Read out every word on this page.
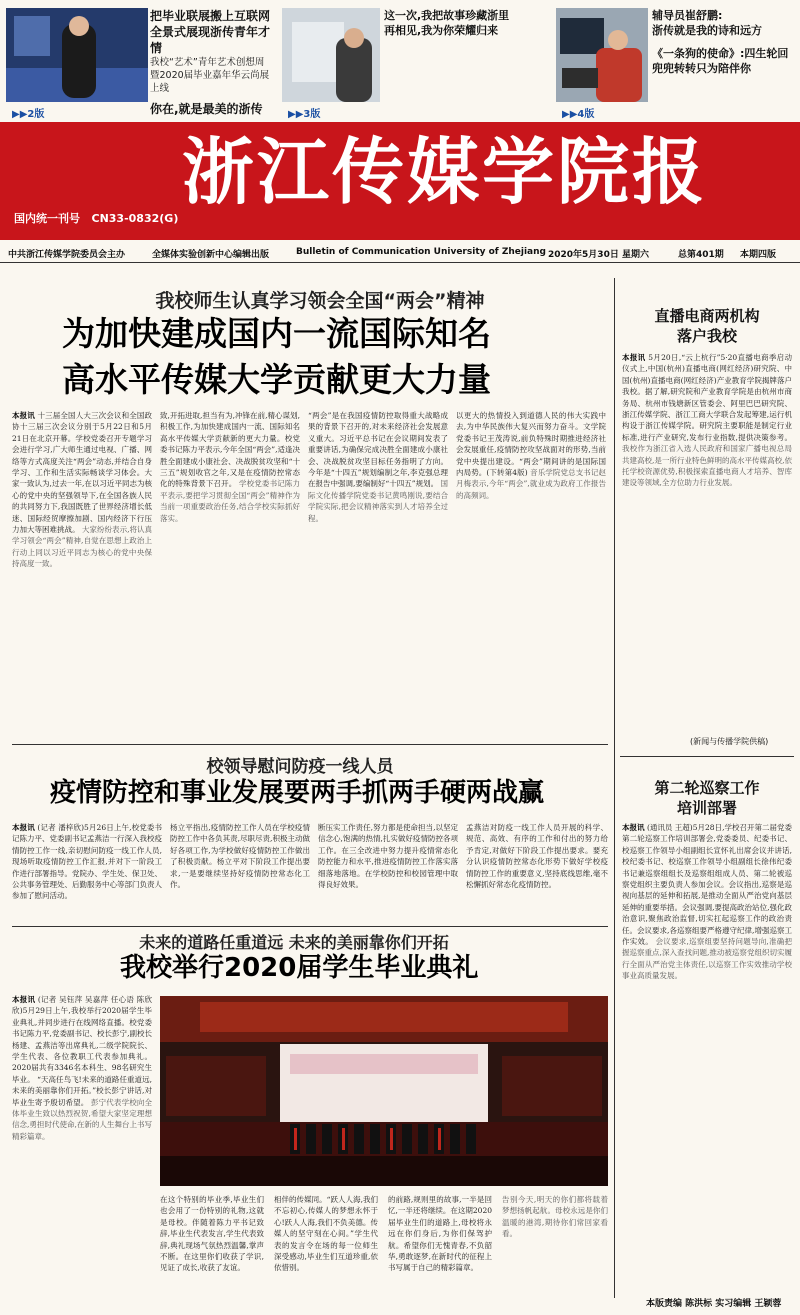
把毕业联展搬上互联网
全景式展现浙传青年才情
我校“艺术”青年艺术创想周
暨2020届毕业嘉年华云尚展上线
你在,就是最美的浙传
▶▶2版
这一次,我把故事珍藏浙里
再相见,我为你荣耀归来
▶▶3版
辅导员崔舒鹏:
浙传就是我的诗和远方
《一条狗的使命》:四生轮回
兜兜转转只为陪伴你
▶▶4版
浙江传媒学院报
国内统一刊号 CN33-0832(G)
中共浙江传媒学院委员会主办	全媒体实验创新中心编辑出版	Bulletin of Communication University of Zhejiang 2020年5月30日 星期六	总第401期 本期四版
我校师生认真学习领会全国“两会”精神
为加快建成国内一流国际知名
高水平传媒大学贡献更大力量
本报讯 十三届全国人大三次会议和全国政协十三届三次会议分别于5月22日和5月21日在北京开幕。学校党委召开专题学习会进行学习,广大师生通过电视、广播、网络等方式高度关注“两会”动态,并结合自身学习、工作和生活实际畅谈学习体会。大家一致认为,过去一年,在以习近平同志为核心的党中央的坚强领导下,在全国各族人民的共同努力下,我国既胜了世界经济增长低迷、国际经贸摩擦加剧、国内经济下行压力加大等困难挑战。 大家纷纷表示,将认真学习领会“两会”精神,自觉在思想上政治上行动上同以习近平同志为核心的党中央保持高度一致。
致,开拓进取,担当有为,冲锋在前,精心谋划,积极工作,为加快建成国内一流、国际知名高水平传媒大学贡献新的更大力量。校党委书记陈力平表示,今年全国“两会”,适逢决胜全面建成小康社会、决战脱贫攻坚和“十三五”规划收官之年,又是在疫情防控常态化的特殊背景下召开。 学校党委书记陈力平表示,要把学习贯彻全国“两会”精神作为当前一项重要政治任务,结合学校实际抓好落实。
“两会”是在我国疫情防控取得重大战略成果的背景下召开的,对未来经济社会发展意义重大。习近平总书记在会议期间发表了重要讲话,为确保完成决胜全面建成小康社会、决战脱贫攻坚目标任务指明了方向。今年是“十四五”规划编制之年,李克强总理在报告中强调,要编制好“十四五”规划。 国际文化传播学院党委书记黄鸣刚说,要结合学院实际,把会议精神落实到人才培养全过程。
以更大的热情投入到道德人民的伟大实践中去,为中华民族伟大复兴而努力奋斗。文学院党委书记王茂涛说,前负特殊时期推进经济社会发展重任,疫情防控攻坚战面对的形势,当前党中央提出建设。“两会”期间讲的是国际国内局势。(下转第4版) 音乐学院党总支书记赵月梅表示,今年“两会”,就业成为政府工作报告的高频词。
直播电商两机构
落户我校
本报讯 5月20日,“云上杭行”5·20直播电商季启动仪式上,中国(杭州)直播电商(网红经济)研究院、中国(杭州)直播电商(网红经济)产业教育学院揭牌落户我校。据了解,研究院和产业教育学院是由杭州市商务局、杭州市钱塘新区管委会、阿里巴巴研究院、浙江传媒学院、浙江工商大学联合发起筹建,运行机构设于浙江传媒学院。研究院主要职能是制定行业标准,进行产业研究,发布行业指数,提供决策参考。 我校作为浙江省入选人民政府和国家广播电视总局共建高校,是一所行业特色鲜明的高水平传媒高校,依托学校资源优势,积极探索直播电商人才培养、智库建设等领域,全方位助力行业发展。
(新闻与传播学院供稿)
校领导慰问防疫一线人员
疫情防控和事业发展要两手抓两手硬两战赢
本报讯 (记者 潘梓欣)5月26日上午,校党委书记陈力平、党委副书记孟燕洁一行深入我校疫情防控工作一线,亲切慰问防疫一线工作人员,现场听取疫情防控工作汇报,并对下一阶段工作进行部署指导。党院办、学生处、保卫处、公共事务管理处、后勤服务中心等部门负责人参加了慰问活动。
杨立平指出,疫情防控工作人员在学校疫情防控工作中各负其责,尽职尽责,积极主动做好各项工作,为学校做好疫情防控工作做出了积极贡献。杨立平对下阶段工作提出要求,一是要继续坚持好疫情防控常态化工作。
断压实工作责任,努力都是使命担当,以坚定信念心,饱满的热情,扎实做好疫情防控各项工作。在三全改进中努力提升疫情常态化防控能力和水平,推进疫情防控工作落实落细落地落地。在学校防控和校园管理中取得良好效果。
孟燕洁对防疫一线工作人员开展的科学、规范、高效、有序的工作和付出的努力给予肯定,对做好下阶段工作提出要求。要充分认识疫情防控常态化形势下做好学校疫情防控工作的重要意义,坚持底线思维,毫不松懈抓好常态化疫情防控。
第二轮巡察工作
培训部署
本报讯 (通讯员 王超)5月28日,学校召开第二届党委第二轮巡察工作培训部署会,党委委员、纪委书记、校巡察工作领导小组副组长宣怀礼出席会议并讲话,校纪委书记、校巡察工作领导小组副组长徐伟纪委书记兼巡察组组长及巡察组组成人员、第二轮被巡察党组织主要负责人参加会议。会议指出,巡察是巡视向基层的延伸和拓展,是推动全面从严治党向基层延伸的重要举措。会议强调,要提高政治站位,强化政治意识,聚焦政治监督,切实扛起巡察工作的政治责任。会议要求,各巡察组要严格遵守纪律,增强巡察工作实效。 会议要求,巡察组要坚持问题导向,准确把握巡察重点,深入查找问题,推动被巡察党组织切实履行全面从严治党主体责任,以巡察工作实效推动学校事业高质量发展。
未来的道路任重道远 未来的美丽靠你们开拓
我校举行2020届学生毕业典礼
本报讯 (记者 吴钰萍 吴嘉萍 任心语 陈欣欣)5月29日上午,我校举行2020届学生毕业典礼,并同步进行在线网络直播。校党委书记陈力平,党委副书记、校长彭宁,副校长杨建、孟燕洁等出席典礼,二级学院院长、学生代表、各位教职工代表参加典礼。2020届共有3346名本科生、98名研究生毕业。 “天高任鸟飞!未来的道路任重道远,未来的美丽靠你们开拓。”校长彭宁讲话,对毕业生寄予殷切希望。 彭宁代表学校向全体毕业生致以热烈祝贺,希望大家坚定理想信念,勇担时代使命,在新的人生舞台上书写精彩篇章。
在这个特别的毕业季,毕业生们也会用了一份特别的礼物,这就是母校。伴随着陈力平书记致辞,毕业生代表发言,学生代表致辞,典礼现场气氛热烈温馨,掌声不断。在这里你们收获了学识,见证了成长,收获了友谊。
相伴的传媒同。“跃人人海,我们不忘初心,传媒人的梦想永怀于心!跃人人海,我们不负美德。传媒人的坚守刻在心间。”学生代表的发言令在场的每一位师生深受感动,毕业生们互道珍重,依依惜别。
的前路,规则里的故事,一半是回忆,一半还将继续。在这期2020届毕业生们的道路上,母校将永远在你们身后,为你们保驾护航。希望你们无愧青春,不负韶华,勇敢逐梦,在新时代的征程上书写属于自己的精彩篇章。
告别今天,明天的你们都将载着梦想扬帆起航。母校永远是你们温暖的港湾,期待你们常回家看看。
本版责编 陈洪标 实习编辑 王颖蓉
